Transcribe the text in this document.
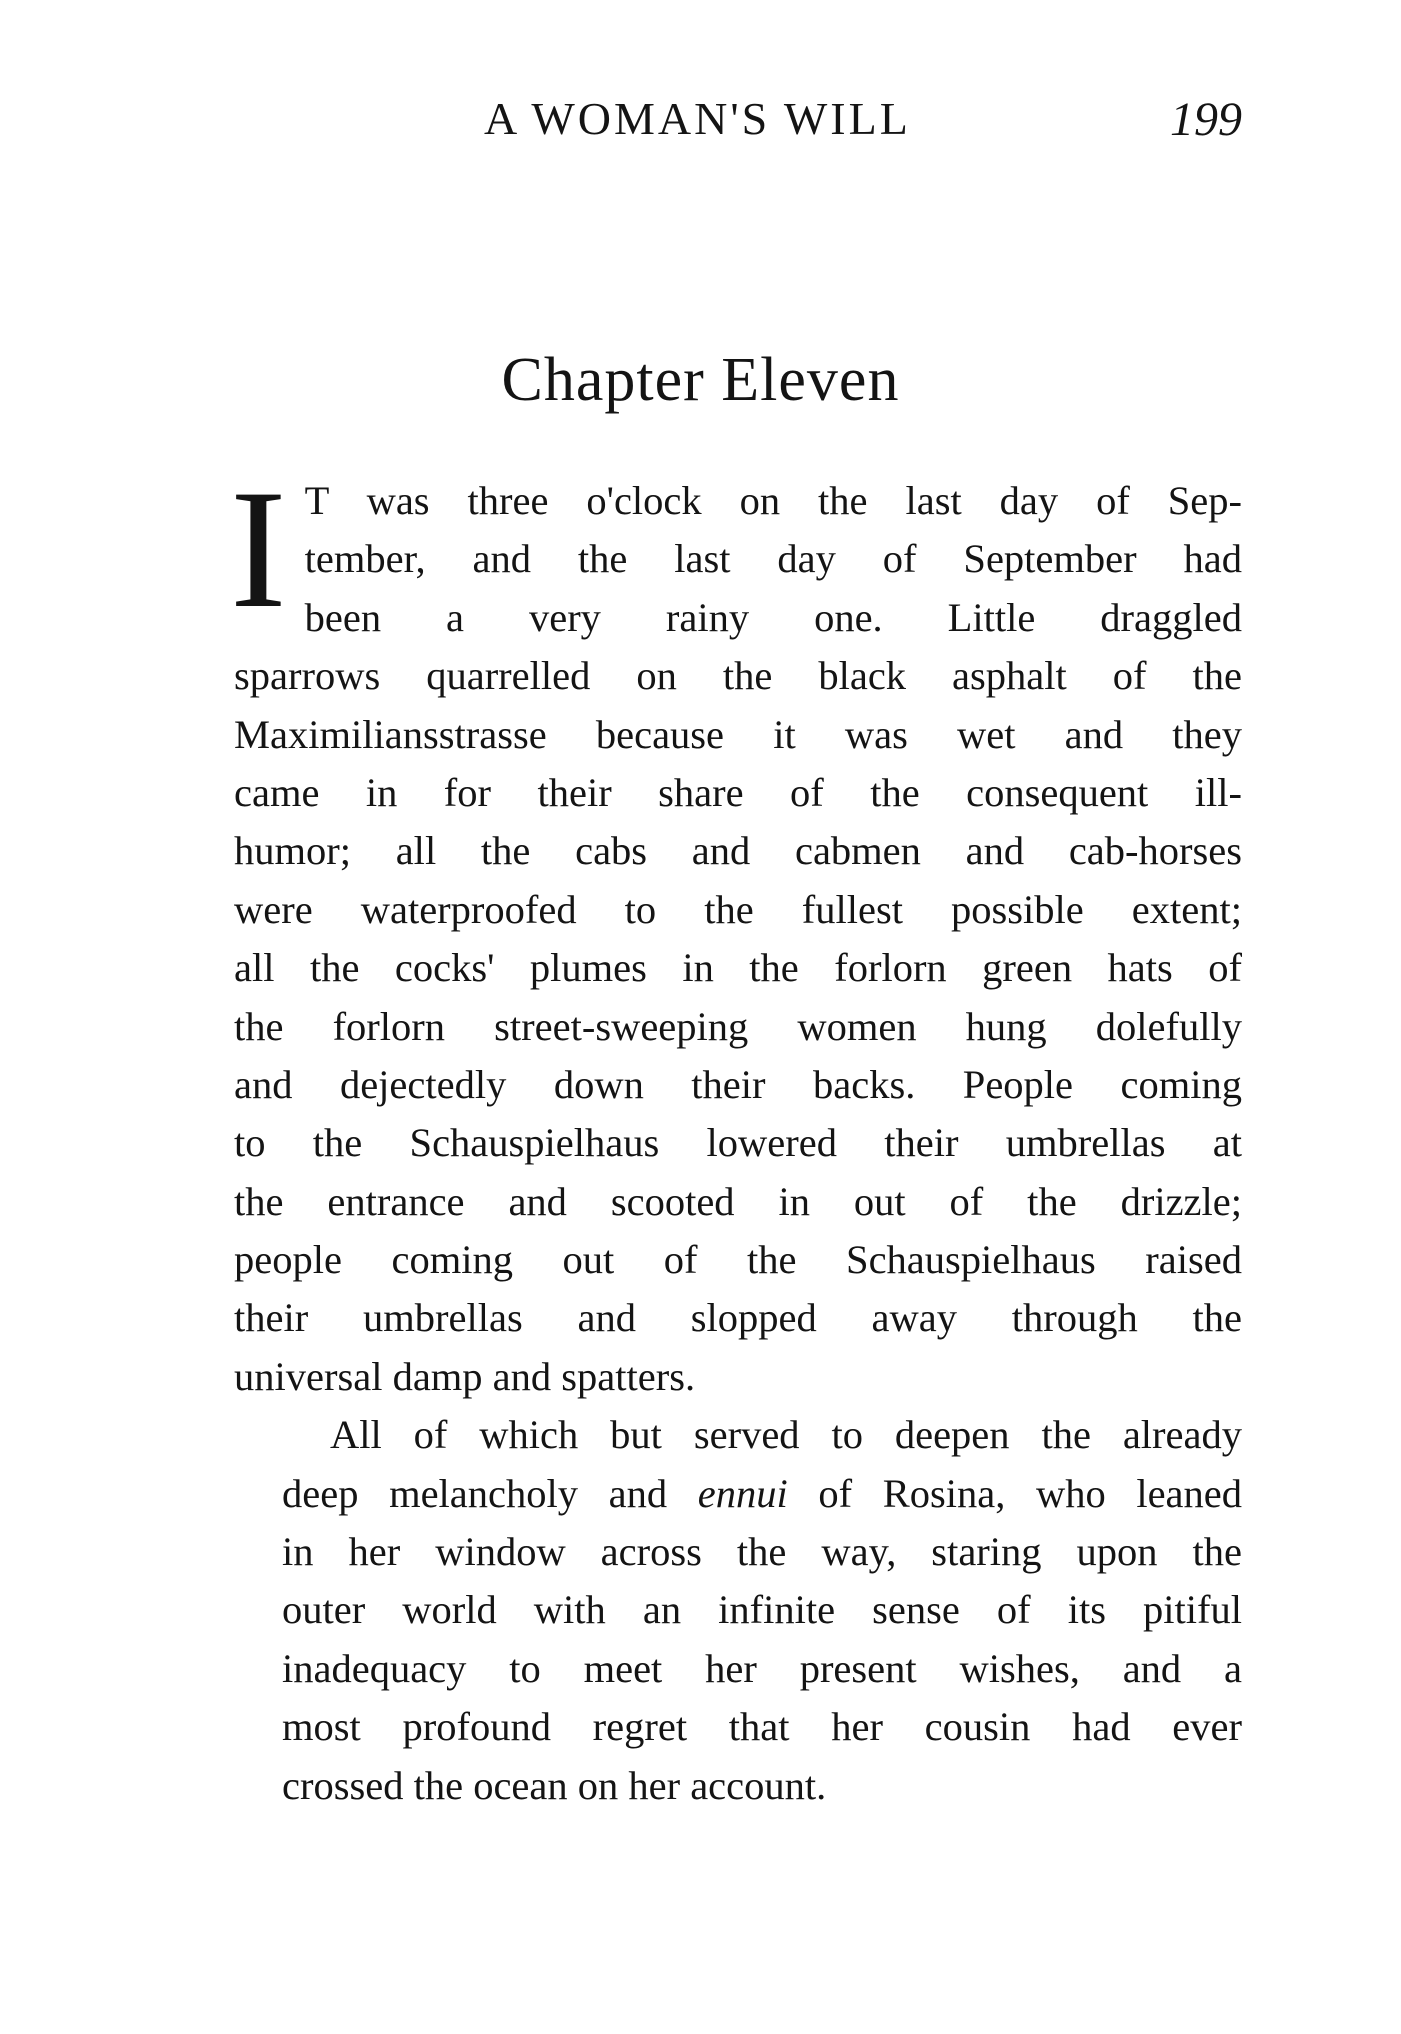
A WOMAN'S WILL	199
Chapter Eleven
I T was three o'clock on the last day of Sep-
tember, and the last day of September had
been a very rainy one. Little draggled
sparrows quarrelled on the black asphalt of the
Maximiliansstrasse because it was wet and they
came in for their share of the consequent ill-
humor; all the cabs and cabmen and cab-horses
were waterproofed to the fullest possible extent;
all the cocks' plumes in the forlorn green hats of
the forlorn street-sweeping women hung dolefully
and dejectedly down their backs. People coming
to the Schauspielhaus lowered their umbrellas at
the entrance and scooted in out of the drizzle;
people coming out of the Schauspielhaus raised
their umbrellas and slopped away through the
universal damp and spatters.
All of which but served to deepen the already
deep melancholy and ennui of Rosina, who leaned
in her window across the way, staring upon the
outer world with an infinite sense of its pitiful
inadequacy to meet her present wishes, and a
most profound regret that her cousin had ever
crossed the ocean on her account.
